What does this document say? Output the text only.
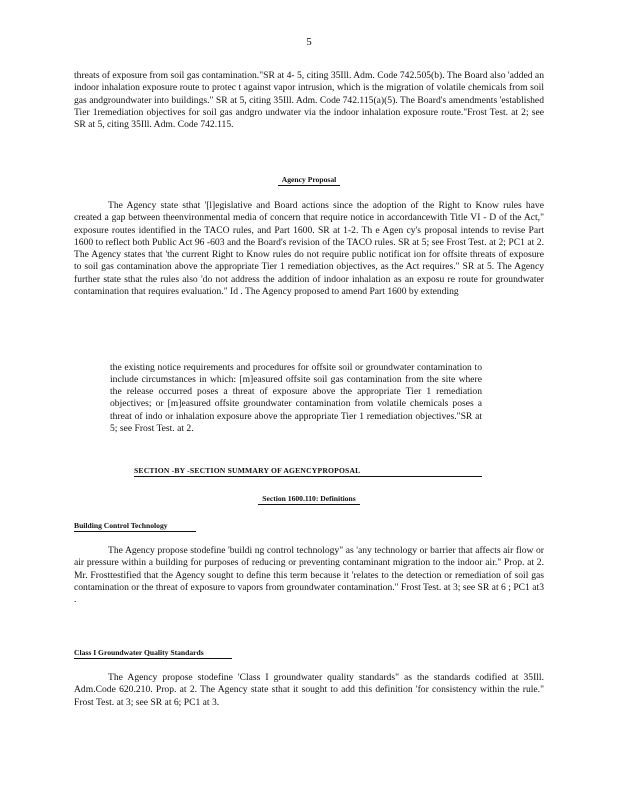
5

threats of exposure from soil gas contamination."SR at 4- 5, citing 35Ill. Adm. Code 742.505(b). The Board also 'added an indoor inhalation exposure route to protec t against vapor intrusion, which is the migration of volatile chemicals from soil gas andgroundwater into buildings." SR at 5, citing 35Ill. Adm. Code 742.115(a)(5). The Board's amendments 'established Tier 1remediation objectives for soil gas andgro undwater via the indoor inhalation exposure route."Frost Test. at 2; see SR at 5, citing 35Ill. Adm. Code 742.115.

Agency Proposal

The Agency state sthat '[l]egislative and Board actions since the adoption of the Right to Know rules have created a gap between theenvironmental media of concern that require notice in accordancewith Title VI - D of the Act," exposure routes identified in the TACO rules, and Part 1600. SR at 1-2. Th e Agen cy's proposal intends to revise Part 1600 to reflect both Public Act 96 -603 and the Board's revision of the TACO rules. SR at 5; see Frost Test. at 2; PC1 at 2. The Agency states that 'the current Right to Know rules do not require public notificat ion for offsite threats of exposure to soil gas contamination above the appropriate Tier 1 remediation objectives, as the Act requires." SR at 5. The Agency further state sthat the rules also 'do not address the addition of indoor inhalation as an exposu re route for groundwater contamination that requires evaluation." Id . The Agency proposed to amend Part 1600 by extending

the existing notice requirements and procedures for offsite soil or groundwater contamination to include circumstances in which: [m]easured offsite soil gas contamination from the site where the release occurred poses a threat of exposure above the appropriate Tier 1 remediation objectives; or [m]easured offsite groundwater contamination from volatile chemicals poses a threat of indo or inhalation exposure above the appropriate Tier 1 remediation objectives."SR at 5; see Frost Test. at 2.

SECTION -BY -SECTION SUMMARY OF AGENCYPROPOSAL
Section 1600.110: Definitions
Building Control Technology

The Agency propose stodefine 'buildi ng control technology" as 'any technology or barrier that affects air flow or air pressure within a building for purposes of reducing or preventing contaminant migration to the indoor air." Prop. at 2. Mr. Frosttestified that the Agency sought to define this term because it 'relates to the detection or remediation of soil gas contamination or the threat of exposure to vapors from groundwater contamination." Frost Test. at 3; see SR at 6 ; PC1 at3 .

Class I Groundwater Quality Standards

The Agency propose stodefine 'Class I groundwater quality standards" as the standards codified at 35Ill. Adm.Code 620.210. Prop. at 2. The Agency state sthat it sought to add this definition 'for consistency within the rule." Frost Test. at 3; see SR at 6; PC1 at 3.
